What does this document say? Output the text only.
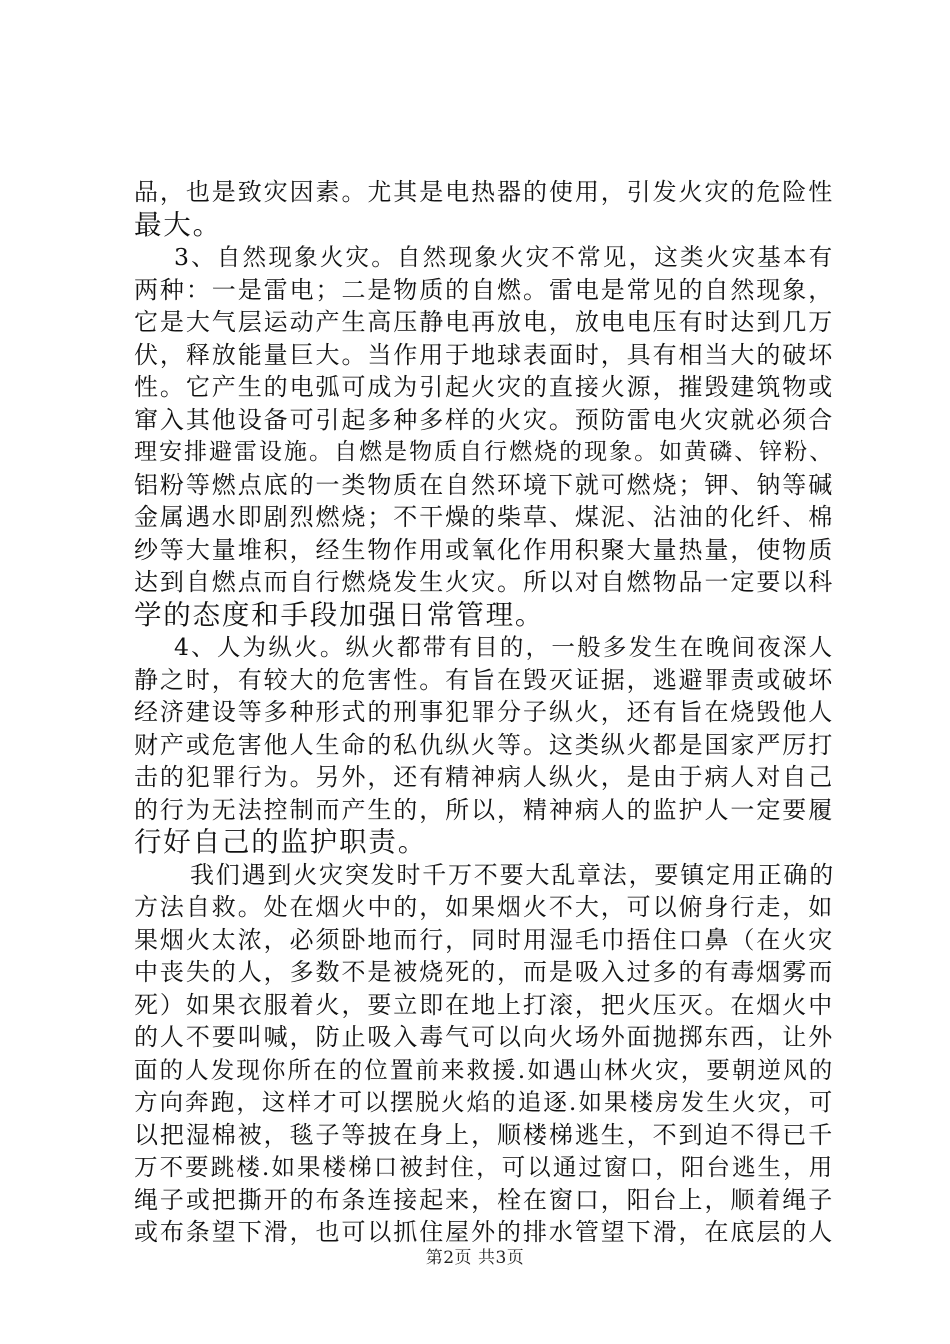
品，也是致灾因素。尤其是电热器的使用，引发火灾的危险性
最大。
3、自然现象火灾。自然现象火灾不常见，这类火灾基本有
两种：一是雷电；二是物质的自燃。雷电是常见的自然现象，
它是大气层运动产生高压静电再放电，放电电压有时达到几万
伏，释放能量巨大。当作用于地球表面时，具有相当大的破坏
性。它产生的电弧可成为引起火灾的直接火源，摧毁建筑物或
窜入其他设备可引起多种多样的火灾。预防雷电火灾就必须合
理安排避雷设施。自燃是物质自行燃烧的现象。如黄磷、锌粉、
铝粉等燃点底的一类物质在自然环境下就可燃烧；钾、钠等碱
金属遇水即剧烈燃烧；不干燥的柴草、煤泥、沾油的化纤、棉
纱等大量堆积，经生物作用或氧化作用积聚大量热量，使物质
达到自燃点而自行燃烧发生火灾。所以对自燃物品一定要以科
学的态度和手段加强日常管理。
4、人为纵火。纵火都带有目的，一般多发生在晚间夜深人
静之时，有较大的危害性。有旨在毁灭证据，逃避罪责或破坏
经济建设等多种形式的刑事犯罪分子纵火，还有旨在烧毁他人
财产或危害他人生命的私仇纵火等。这类纵火都是国家严厉打
击的犯罪行为。另外，还有精神病人纵火，是由于病人对自己
的行为无法控制而产生的，所以，精神病人的监护人一定要履
行好自己的监护职责。
我们遇到火灾突发时千万不要大乱章法，要镇定用正确的
方法自救。处在烟火中的，如果烟火不大，可以俯身行走，如
果烟火太浓，必须卧地而行，同时用湿毛巾捂住口鼻（在火灾
中丧失的人，多数不是被烧死的，而是吸入过多的有毒烟雾而
死）如果衣服着火，要立即在地上打滚，把火压灭。在烟火中
的人不要叫喊，防止吸入毒气可以向火场外面抛掷东西，让外
面的人发现你所在的位置前来救援.如遇山林火灾，要朝逆风的
方向奔跑，这样才可以摆脱火焰的追逐.如果楼房发生火灾，可
以把湿棉被，毯子等披在身上，顺楼梯逃生，不到迫不得已千
万不要跳楼.如果楼梯口被封住，可以通过窗口，阳台逃生，用
绳子或把撕开的布条连接起来，栓在窗口，阳台上，顺着绳子
或布条望下滑，也可以抓住屋外的排水管望下滑，在底层的人
第2页 共3页
